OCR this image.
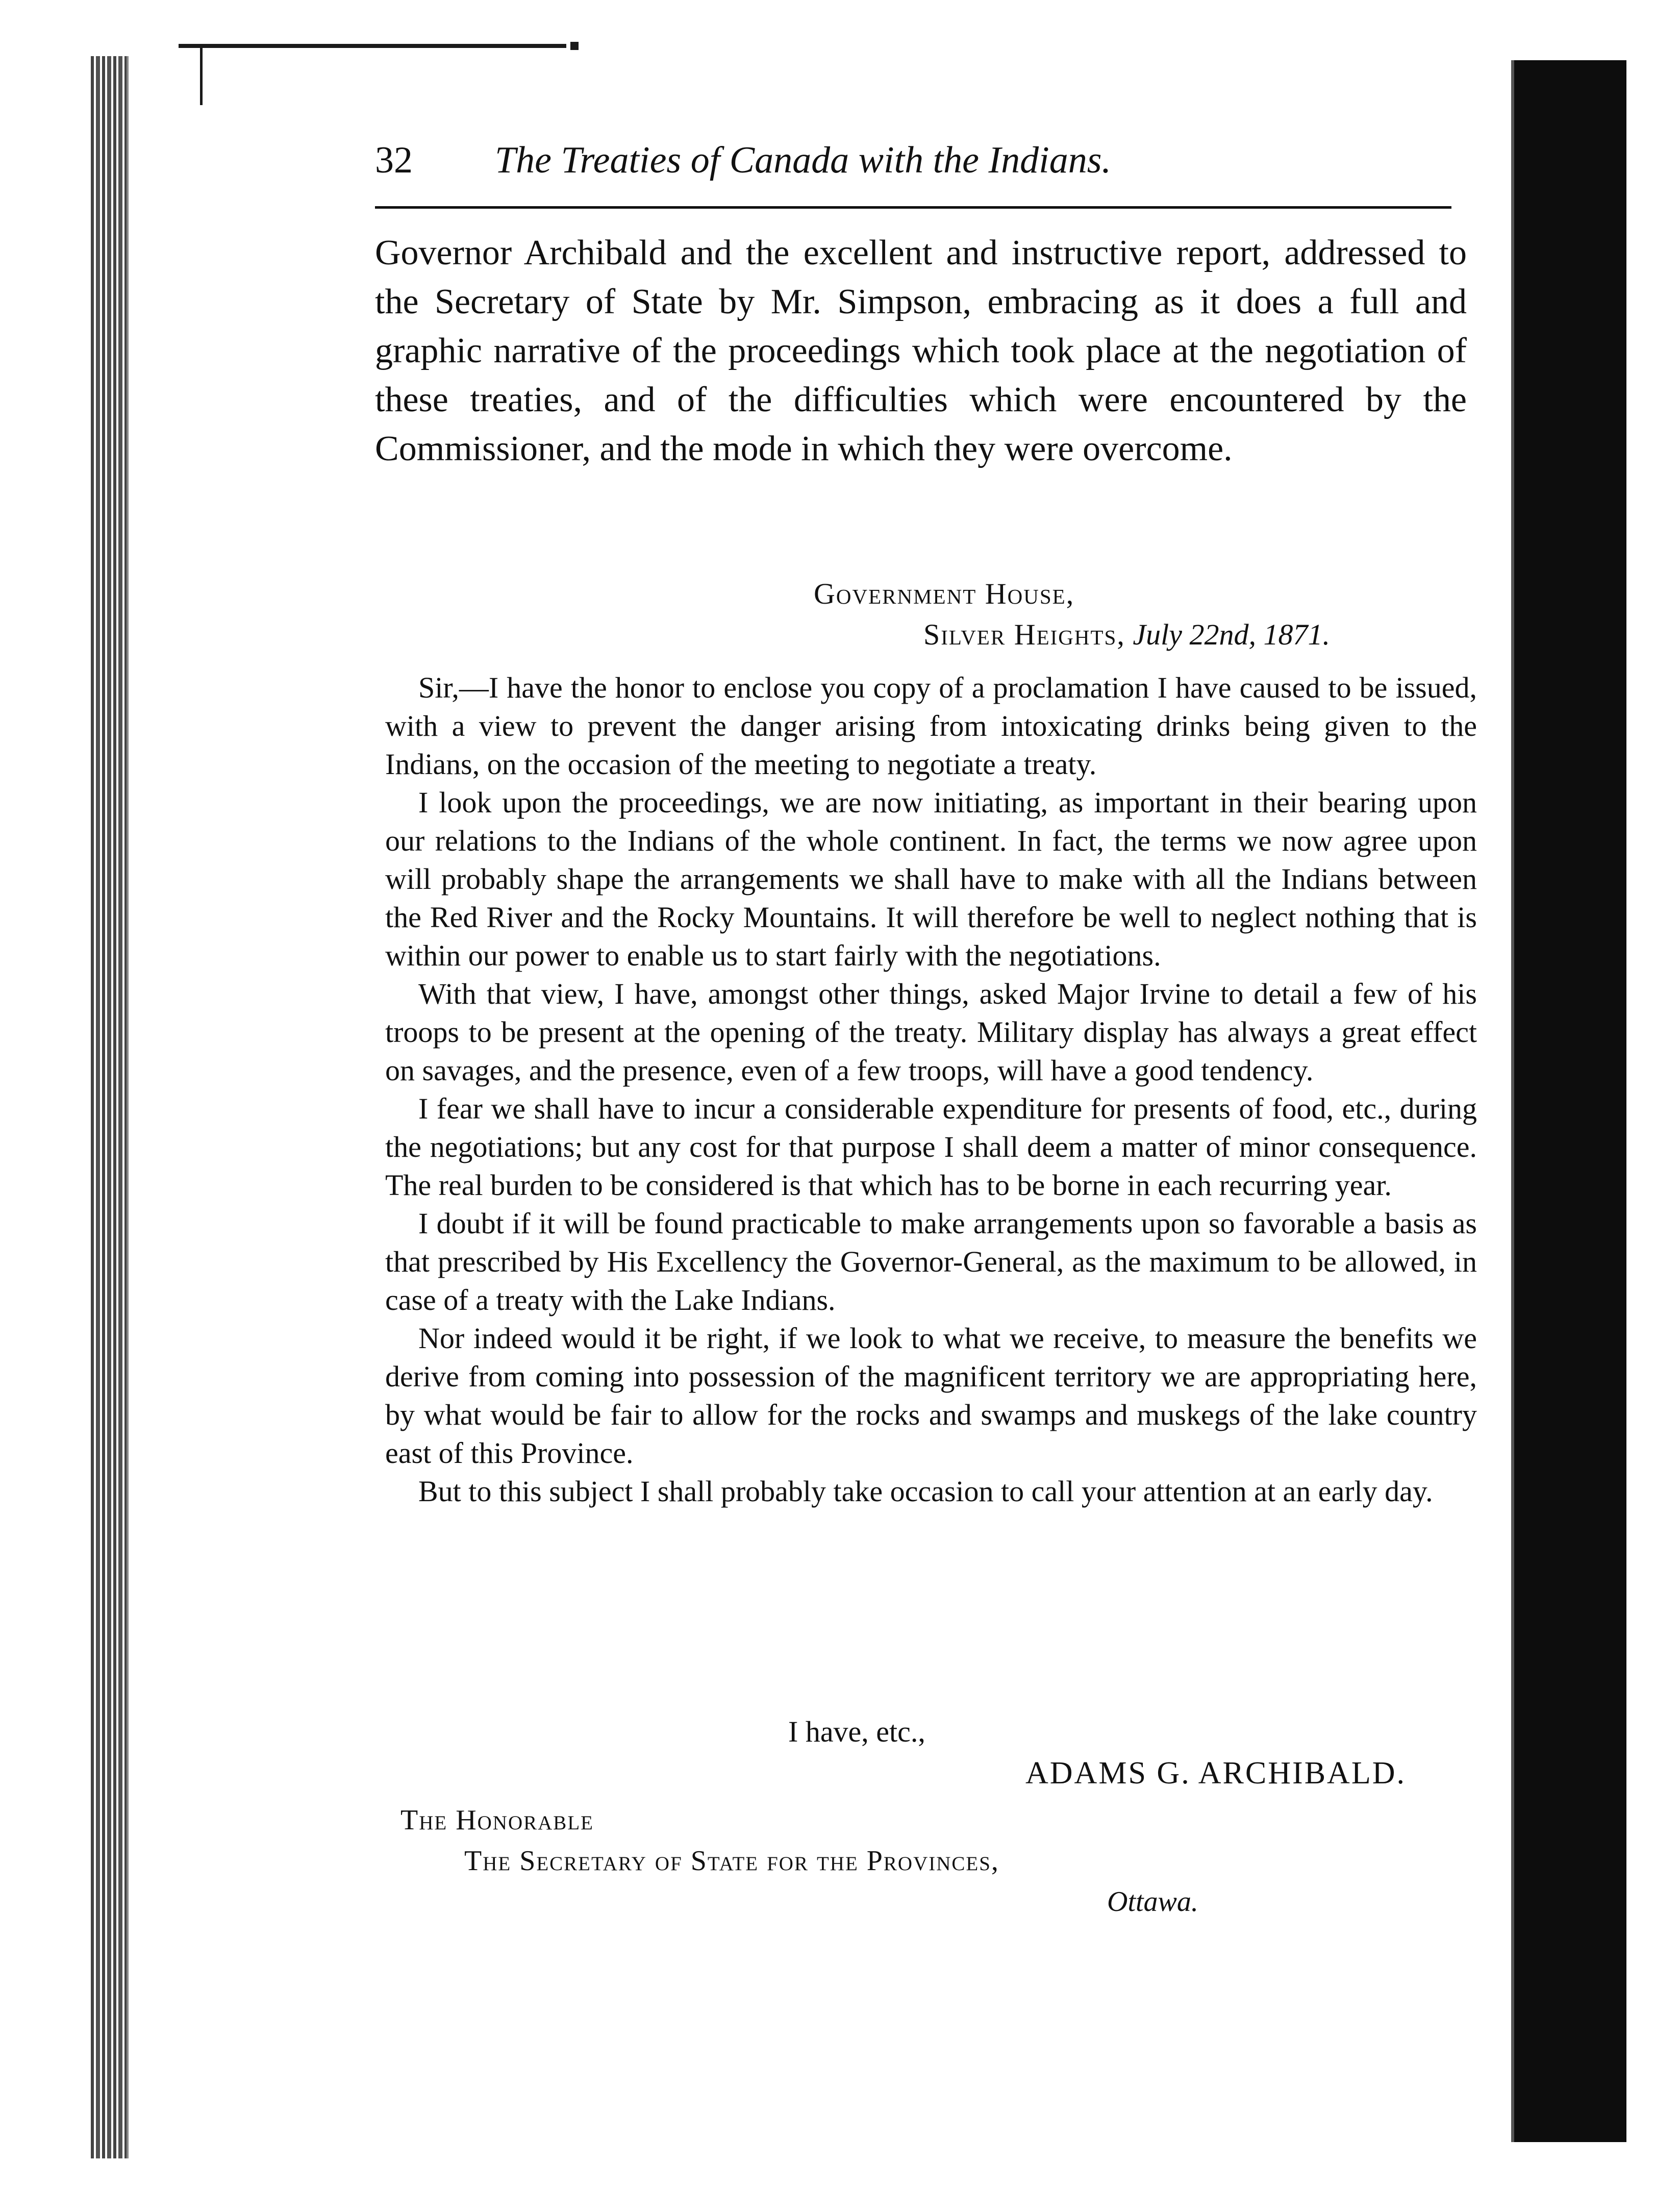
32 The Treaties of Canada with the Indians.
Governor Archibald and the excellent and instructive report, addressed to the Secretary of State by Mr. Simpson, embracing as it does a full and graphic narrative of the proceedings which took place at the negotiation of these treaties, and of the difficulties which were encountered by the Commissioner, and the mode in which they were overcome.
Government House,
Silver Heights, July 22nd, 1871.

Sir,—I have the honor to enclose you copy of a proclamation I have caused to be issued, with a view to prevent the danger arising from intoxicating drinks being given to the Indians, on the occasion of the meeting to negotiate a treaty.

I look upon the proceedings, we are now initiating, as important in their bearing upon our relations to the Indians of the whole continent. In fact, the terms we now agree upon will probably shape the arrangements we shall have to make with all the Indians between the Red River and the Rocky Mountains. It will therefore be well to neglect nothing that is within our power to enable us to start fairly with the negotiations.

With that view, I have, amongst other things, asked Major Irvine to detail a few of his troops to be present at the opening of the treaty. Military display has always a great effect on savages, and the presence, even of a few troops, will have a good tendency.

I fear we shall have to incur a considerable expenditure for presents of food, etc., during the negotiations; but any cost for that purpose I shall deem a matter of minor consequence. The real burden to be considered is that which has to be borne in each recurring year.

I doubt if it will be found practicable to make arrangements upon so favorable a basis as that prescribed by His Excellency the Governor-General, as the maximum to be allowed, in case of a treaty with the Lake Indians.

Nor indeed would it be right, if we look to what we receive, to measure the benefits we derive from coming into possession of the magnificent territory we are appropriating here, by what would be fair to allow for the rocks and swamps and muskegs of the lake country east of this Province.

But to this subject I shall probably take occasion to call your attention at an early day.

I have, etc.,
ADAMS G. ARCHIBALD.
The Honorable
The Secretary of State for the Provinces,
Ottawa.
